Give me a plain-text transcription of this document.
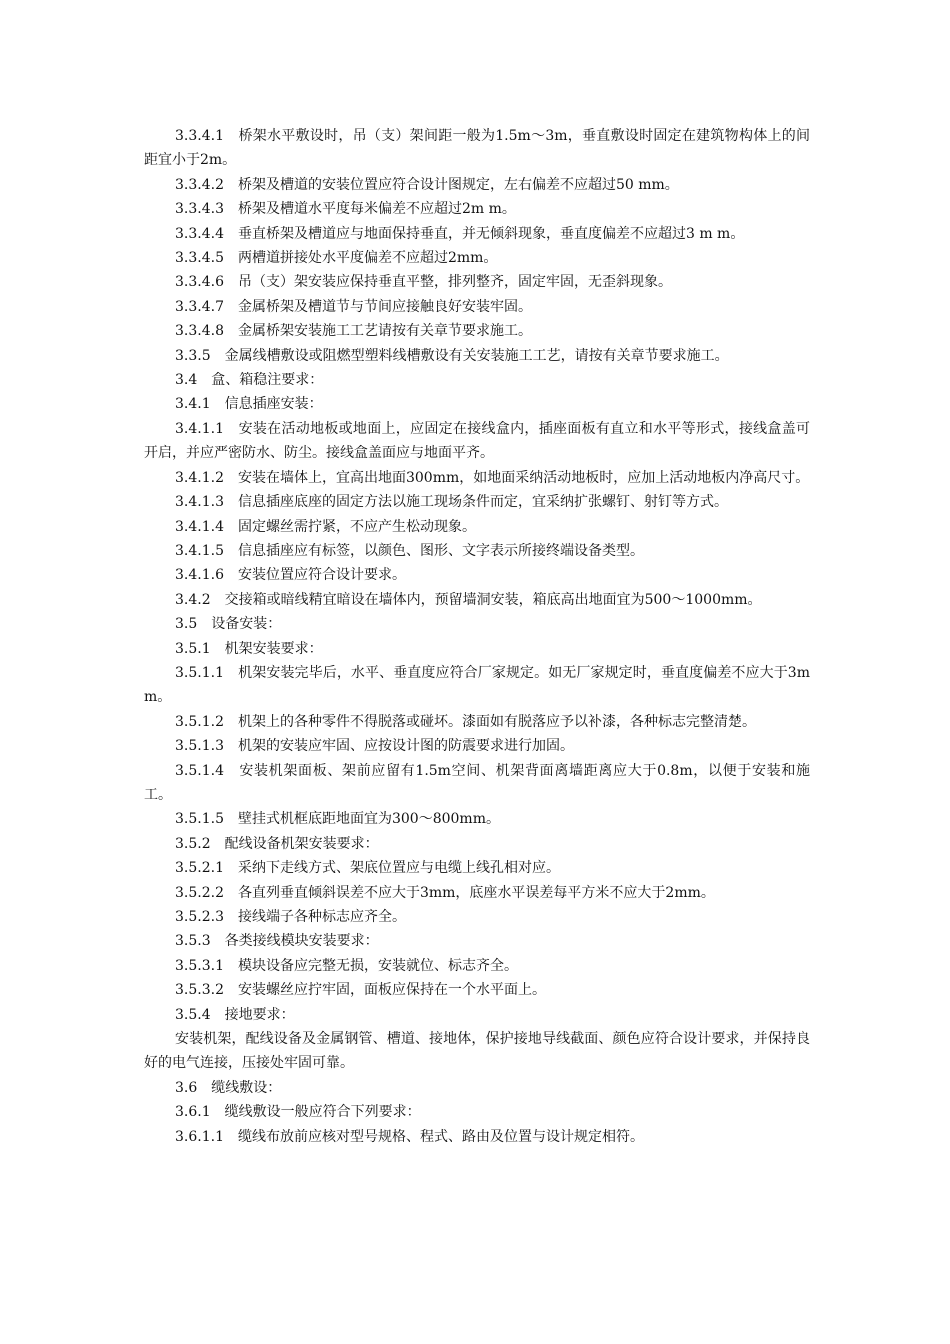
3.3.4.1　桥架水平敷设时，吊（支）架间距一般为1.5m～3m，垂直敷设时固定在建筑物构体上的间距宜小于2m。

3.3.4.2　桥架及槽道的安装位置应符合设计图规定，左右偏差不应超过50 mm。

3.3.4.3　桥架及槽道水平度每米偏差不应超过2m m。

3.3.4.4　垂直桥架及槽道应与地面保持垂直，并无倾斜现象，垂直度偏差不应超过3 m m。

3.3.4.5　两槽道拼接处水平度偏差不应超过2mm。

3.3.4.6　吊（支）架安装应保持垂直平整，排列整齐，固定牢固，无歪斜现象。

3.3.4.7　金属桥架及槽道节与节间应接触良好安装牢固。

3.3.4.8　金属桥架安装施工工艺请按有关章节要求施工。

3.3.5　金属线槽敷设或阻燃型塑料线槽敷设有关安装施工工艺，请按有关章节要求施工。

3.4　盒、箱稳注要求：

3.4.1　信息插座安装：

3.4.1.1　安装在活动地板或地面上，应固定在接线盒内，插座面板有直立和水平等形式，接线盒盖可开启，并应严密防水、防尘。接线盒盖面应与地面平齐。

3.4.1.2　安装在墙体上，宜高出地面300mm，如地面采纳活动地板时，应加上活动地板内净高尺寸。

3.4.1.3　信息插座底座的固定方法以施工现场条件而定，宜采纳扩张螺钉、射钉等方式。

3.4.1.4　固定螺丝需拧紧，不应产生松动现象。

3.4.1.5　信息插座应有标签，以颜色、图形、文字表示所接终端设备类型。

3.4.1.6　安装位置应符合设计要求。

3.4.2　交接箱或暗线精宜暗设在墙体内，预留墙洞安装，箱底高出地面宜为500～1000mm。

3.5　设备安装：

3.5.1　机架安装要求：

3.5.1.1　机架安装完毕后，水平、垂直度应符合厂家规定。如无厂家规定时，垂直度偏差不应大于3mm。

3.5.1.2　机架上的各种零件不得脱落或碰坏。漆面如有脱落应予以补漆，各种标志完整清楚。

3.5.1.3　机架的安装应牢固、应按设计图的防震要求进行加固。

3.5.1.4　安装机架面板、架前应留有1.5m空间、机架背面离墙距离应大于0.8m，以便于安装和施工。

3.5.1.5　壁挂式机框底距地面宜为300～800mm。

3.5.2　配线设备机架安装要求：

3.5.2.1　采纳下走线方式、架底位置应与电缆上线孔相对应。

3.5.2.2　各直列垂直倾斜误差不应大于3mm，底座水平误差每平方米不应大于2mm。

3.5.2.3　接线端子各种标志应齐全。

3.5.3　各类接线模块安装要求：

3.5.3.1　模块设备应完整无损，安装就位、标志齐全。

3.5.3.2　安装螺丝应拧牢固，面板应保持在一个水平面上。

3.5.4　接地要求：

安装机架，配线设备及金属钢管、槽道、接地体，保护接地导线截面、颜色应符合设计要求，并保持良好的电气连接，压接处牢固可靠。

3.6　缆线敷设：

3.6.1　缆线敷设一般应符合下列要求：

3.6.1.1　缆线布放前应核对型号规格、程式、路由及位置与设计规定相符。
